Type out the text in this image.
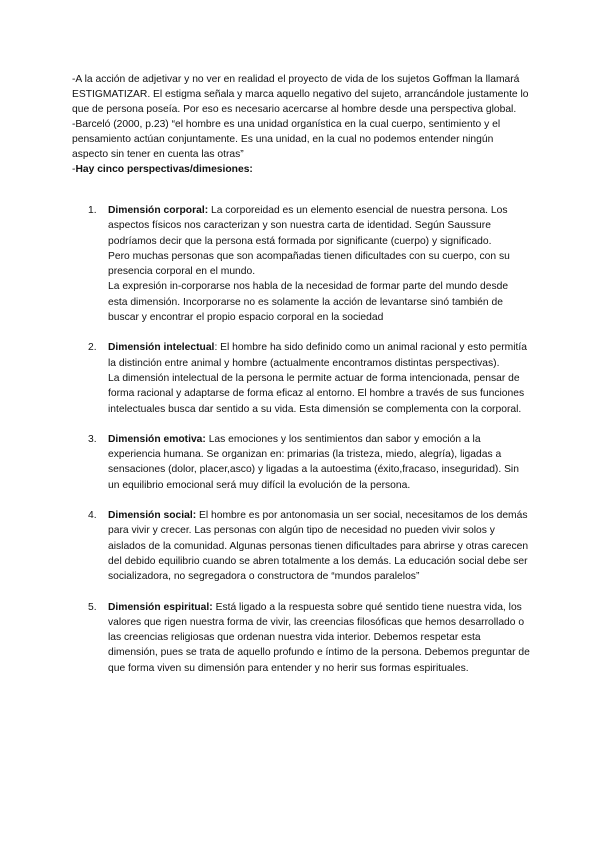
-A la acción de adjetivar y no ver en realidad el proyecto de vida de los sujetos Goffman la llamará ESTIGMATIZAR. El estigma señala y marca aquello negativo del sujeto, arrancándole justamente lo que de persona poseía. Por eso es necesario acercarse al hombre desde una perspectiva global.

-Barceló (2000, p.23) “el hombre es una unidad organística en la cual cuerpo, sentimiento y el pensamiento actúan conjuntamente. Es una unidad, en la cual no podemos entender ningún aspecto sin tener en cuenta las otras”

-Hay cinco perspectivas/dimesiones:

1. Dimensión corporal: La corporeidad es un elemento esencial de nuestra persona. Los aspectos físicos nos caracterizan y son nuestra carta de identidad. Según Saussure podríamos decir que la persona está formada por significante (cuerpo) y significado.

Pero muchas personas que son acompañadas tienen dificultades con su cuerpo, con su presencia corporal en el mundo.

La expresión in-corporarse nos habla de la necesidad de formar parte del mundo desde esta dimensión. Incorporarse no es solamente la acción de levantarse sinó también de buscar y encontrar el propio espacio corporal en la sociedad

2. Dimensión intelectual: El hombre ha sido definido como un animal racional y esto permitía la distinción entre animal y hombre (actualmente encontramos distintas perspectivas).

La dimensión intelectual de la persona le permite actuar de forma intencionada, pensar de forma racional y adaptarse de forma eficaz al entorno. El hombre a través de sus funciones intelectuales busca dar sentido a su vida. Esta dimensión se complementa con la corporal.

3. Dimensión emotiva: Las emociones y los sentimientos dan sabor y emoción a la experiencia humana. Se organizan en: primarias (la tristeza, miedo, alegría), ligadas a sensaciones (dolor, placer,asco) y ligadas a la autoestima (éxito,fracaso, inseguridad). Sin un equilibrio emocional será muy difícil la evolución de la persona.

4. Dimensión social: El hombre es por antonomasia un ser social, necesitamos de los demás para vivir y crecer. Las personas con algún tipo de necesidad no pueden vivir solos y aislados de la comunidad. Algunas personas tienen dificultades para abrirse y otras carecen del debido equilibrio cuando se abren totalmente a los demás. La educación social debe ser socializadora, no segregadora o constructora de “mundos paralelos”

5. Dimensión espiritual: Está ligado a la respuesta sobre qué sentido tiene nuestra vida, los valores que rigen nuestra forma de vivir, las creencias filosóficas que hemos desarrollado o las creencias religiosas que ordenan nuestra vida interior. Debemos respetar esta dimensión, pues se trata de aquello profundo e íntimo de la persona. Debemos preguntar de que forma viven su dimensión para entender y no herir sus formas espirituales.
